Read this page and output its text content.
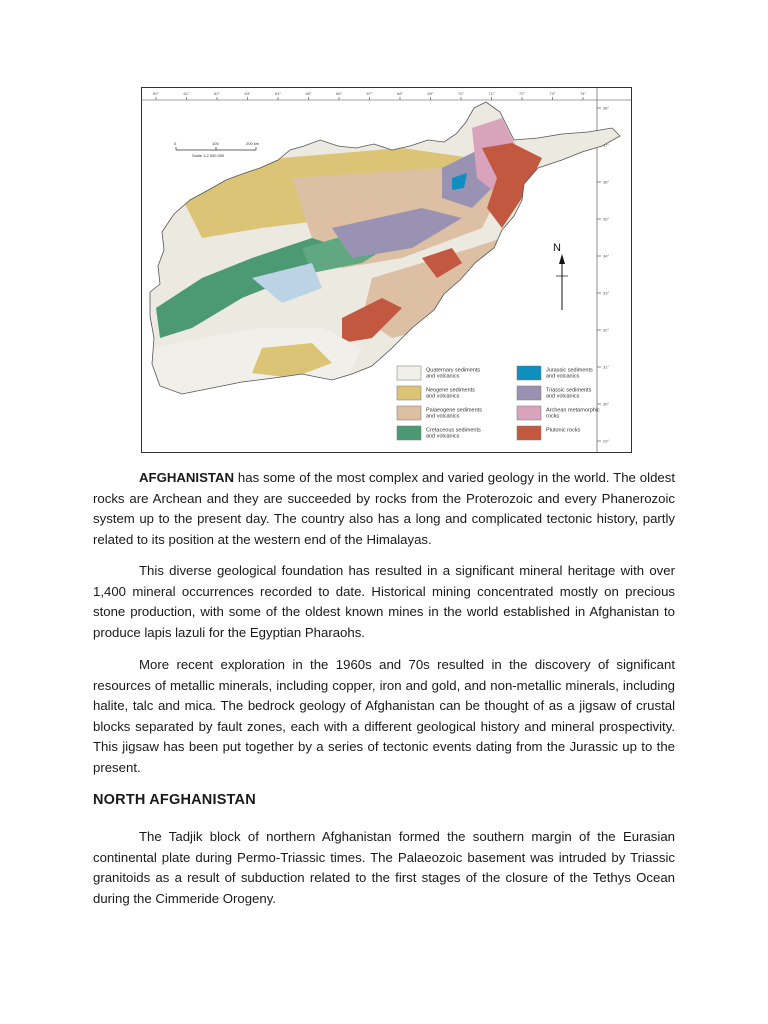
60°	61°	62°	63°	64°	65°	66°	67°	68°	69°	70°	71°	72°	73°	74°
38°
37°
36°
35°
34°
33°
32°
31°
30°
29°
0	100	200 km
Scale 1:2 000 000
N
Quaternary sediments
and volcanics
Neogene sediments
and volcanics
Palaeogene sediments
and volcanics
Cretaceous sediments
and volcanics
Jurassic sediments
and volcanics
Triassic sediments
and volcanics
Archean metamorphic
rocks
Plutonic rocks

AFGHANISTAN has some of the most complex and varied geology in the world. The oldest rocks are Archean and they are succeeded by rocks from the Proterozoic and every Phanerozoic system up to the present day. The country also has a long and complicated tectonic history, partly related to its position at the western end of the Himalayas.

This diverse geological foundation has resulted in a significant mineral heritage with over 1,400 mineral occurrences recorded to date. Historical mining concentrated mostly on precious stone production, with some of the oldest known mines in the world established in Afghanistan to produce lapis lazuli for the Egyptian Pharaohs.

More recent exploration in the 1960s and 70s resulted in the discovery of significant resources of metallic minerals, including copper, iron and gold, and non-metallic minerals, including halite, talc and mica. The bedrock geology of Afghanistan can be thought of as a jigsaw of crustal blocks separated by fault zones, each with a different geological history and mineral prospectivity. This jigsaw has been put together by a series of tectonic events dating from the Jurassic up to the present.

NORTH AFGHANISTAN

The Tadjik block of northern Afghanistan formed the southern margin of the Eurasian continental plate during Permo-Triassic times. The Palaeozoic basement was intruded by Triassic granitoids as a result of subduction related to the first stages of the closure of the Tethys Ocean during the Cimmeride Orogeny.
